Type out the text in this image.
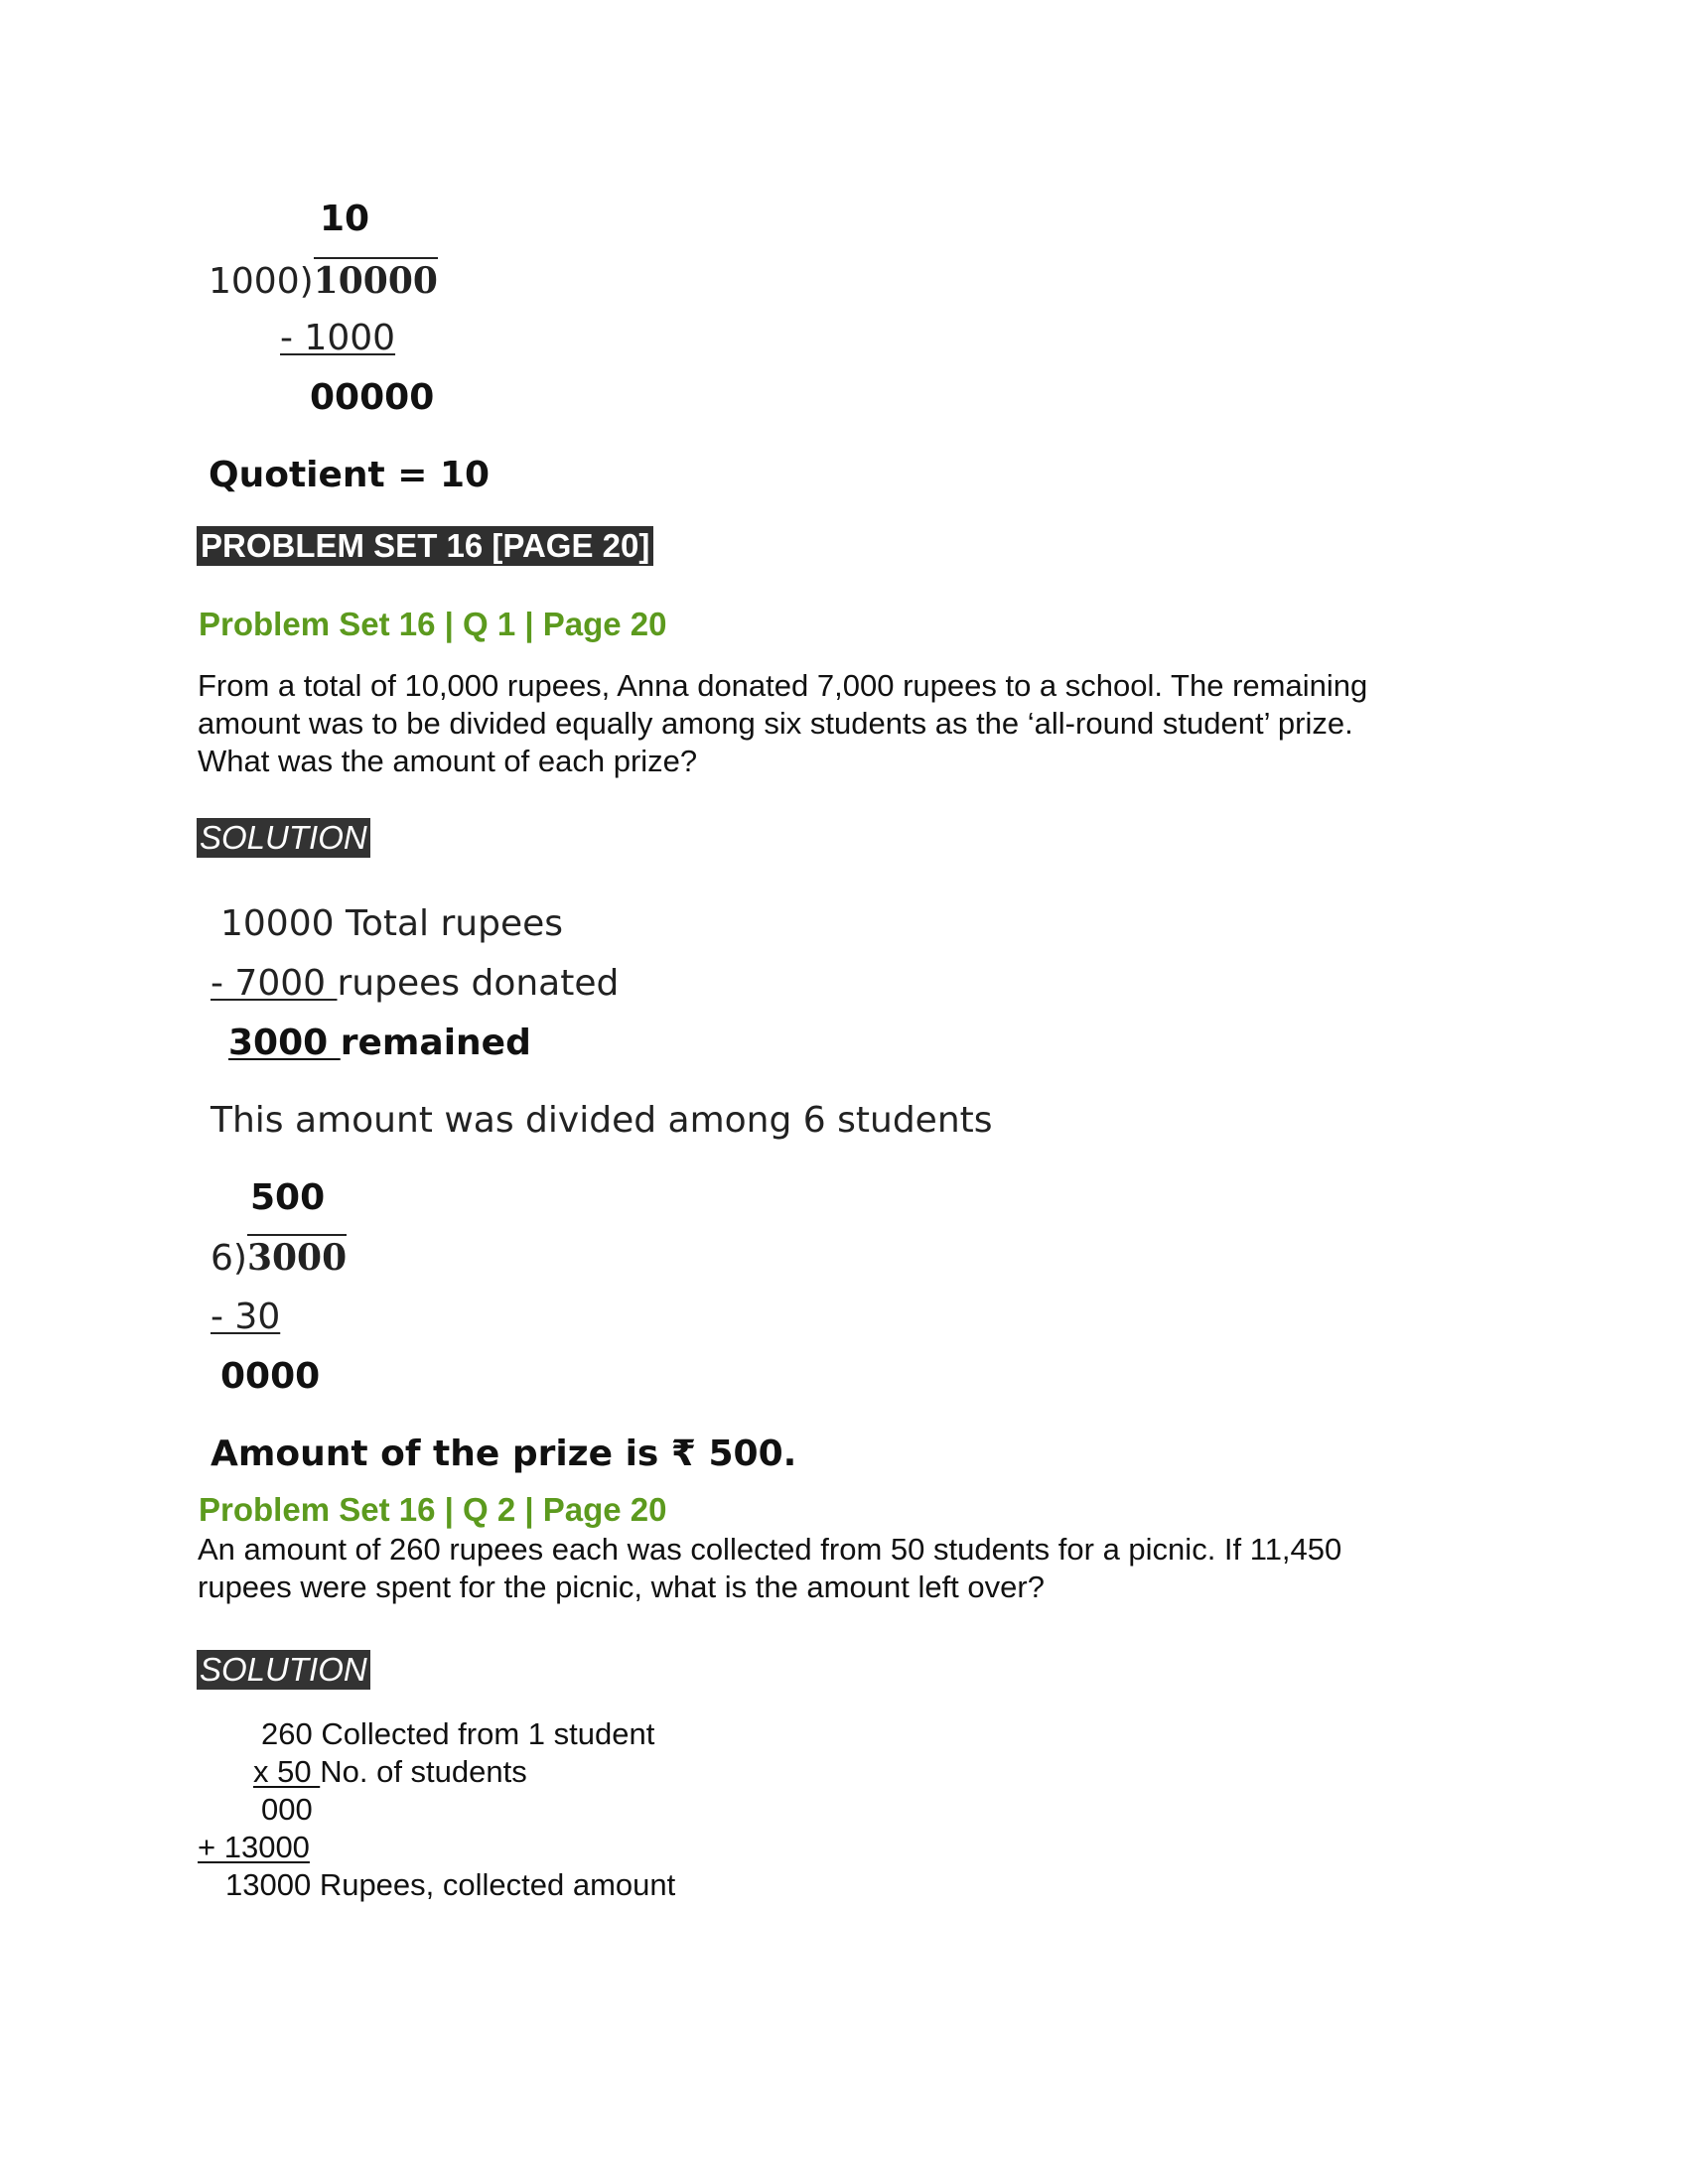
10
1000)10000
- 1000
00000
Quotient = 10
PROBLEM SET 16 [PAGE 20]
Problem Set 16 | Q 1 | Page 20
From a total of 10,000 rupees, Anna donated 7,000 rupees to a school. The remaining
amount was to be divided equally among six students as the ‘all-round student’ prize.
What was the amount of each prize?
SOLUTION
10000 Total rupees
- 7000 rupees donated
3000 remained
This amount was divided among 6 students
500
6)3000
- 30
0000
Amount of the prize is ₹ 500.
Problem Set 16 | Q 2 | Page 20
An amount of 260 rupees each was collected from 50 students for a picnic. If 11,450
rupees were spent for the picnic, what is the amount left over?
SOLUTION
260 Collected from 1 student
x 50 No. of students
000
+ 13000
13000 Rupees, collected amount
